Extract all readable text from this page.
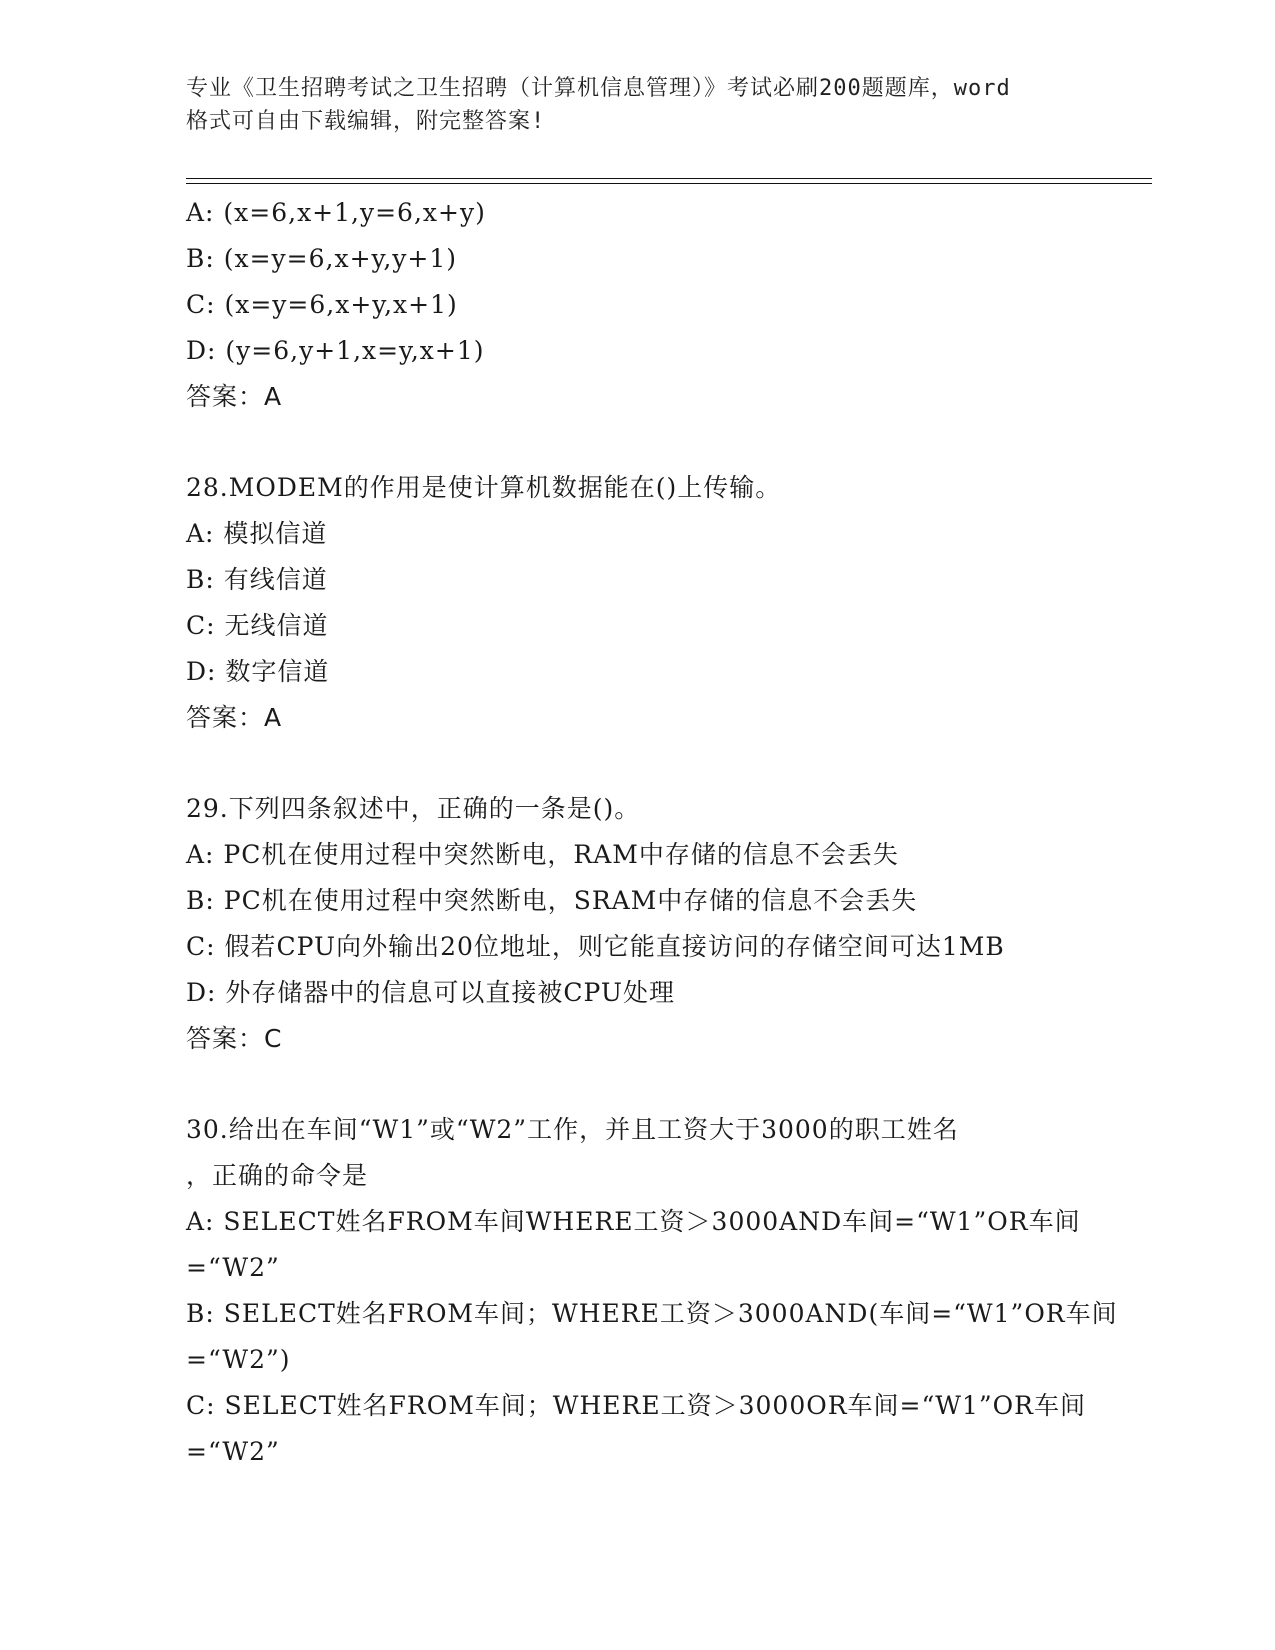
专业《卫生招聘考试之卫生招聘（计算机信息管理）》考试必刷200题题库，word
格式可自由下载编辑，附完整答案!
A: (x=6,x+1,y=6,x+y)
B: (x=y=6,x+y,y+1)
C: (x=y=6,x+y,x+1)
D: (y=6,y+1,x=y,x+1)
答案：A
28.MODEM的作用是使计算机数据能在()上传输。
A: 模拟信道
B: 有线信道
C: 无线信道
D: 数字信道
答案：A
29.下列四条叙述中，正确的一条是()。
A: PC机在使用过程中突然断电，RAM中存储的信息不会丢失
B: PC机在使用过程中突然断电，SRAM中存储的信息不会丢失
C: 假若CPU向外输出20位地址，则它能直接访问的存储空间可达1MB
D: 外存储器中的信息可以直接被CPU处理
答案：C
30.给出在车间“W1”或“W2”工作，并且工资大于3000的职工姓名
，正确的命令是
A: SELECT姓名FROM车间WHERE工资＞3000AND车间=“W1”OR车间
=“W2”
B: SELECT姓名FROM车间；WHERE工资＞3000AND(车间=“W1”OR车间
=“W2”)
C: SELECT姓名FROM车间；WHERE工资＞3000OR车间=“W1”OR车间
=“W2”
